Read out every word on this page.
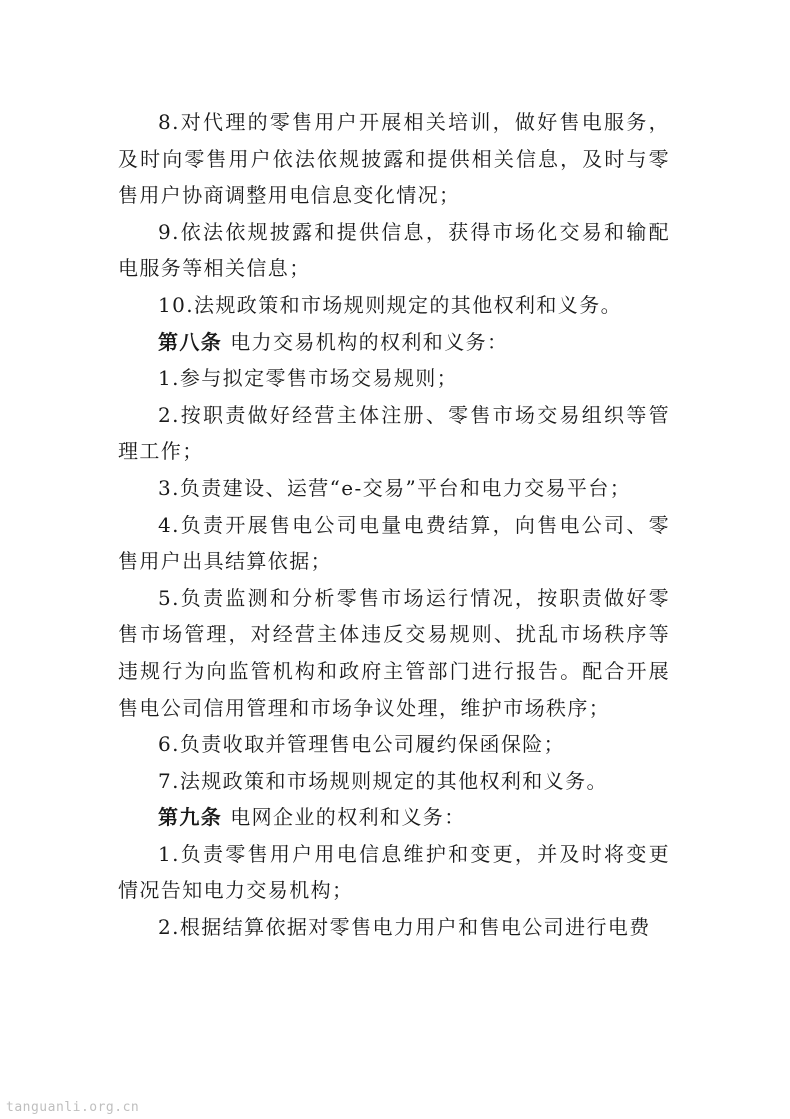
8.对代理的零售用户开展相关培训，做好售电服务，及时向零售用户依法依规披露和提供相关信息，及时与零售用户协商调整用电信息变化情况；

9.依法依规披露和提供信息，获得市场化交易和输配电服务等相关信息；

10.法规政策和市场规则规定的其他权利和义务。

第八条 电力交易机构的权利和义务：

1.参与拟定零售市场交易规则；

2.按职责做好经营主体注册、零售市场交易组织等管理工作；

3.负责建设、运营“e-交易”平台和电力交易平台；

4.负责开展售电公司电量电费结算，向售电公司、零售用户出具结算依据；

5.负责监测和分析零售市场运行情况，按职责做好零售市场管理，对经营主体违反交易规则、扰乱市场秩序等违规行为向监管机构和政府主管部门进行报告。配合开展售电公司信用管理和市场争议处理，维护市场秩序；

6.负责收取并管理售电公司履约保函保险；

7.法规政策和市场规则规定的其他权利和义务。

第九条 电网企业的权利和义务：

1.负责零售用户用电信息维护和变更，并及时将变更情况告知电力交易机构；

2.根据结算依据对零售电力用户和售电公司进行电费

tanguanli.org.cn
